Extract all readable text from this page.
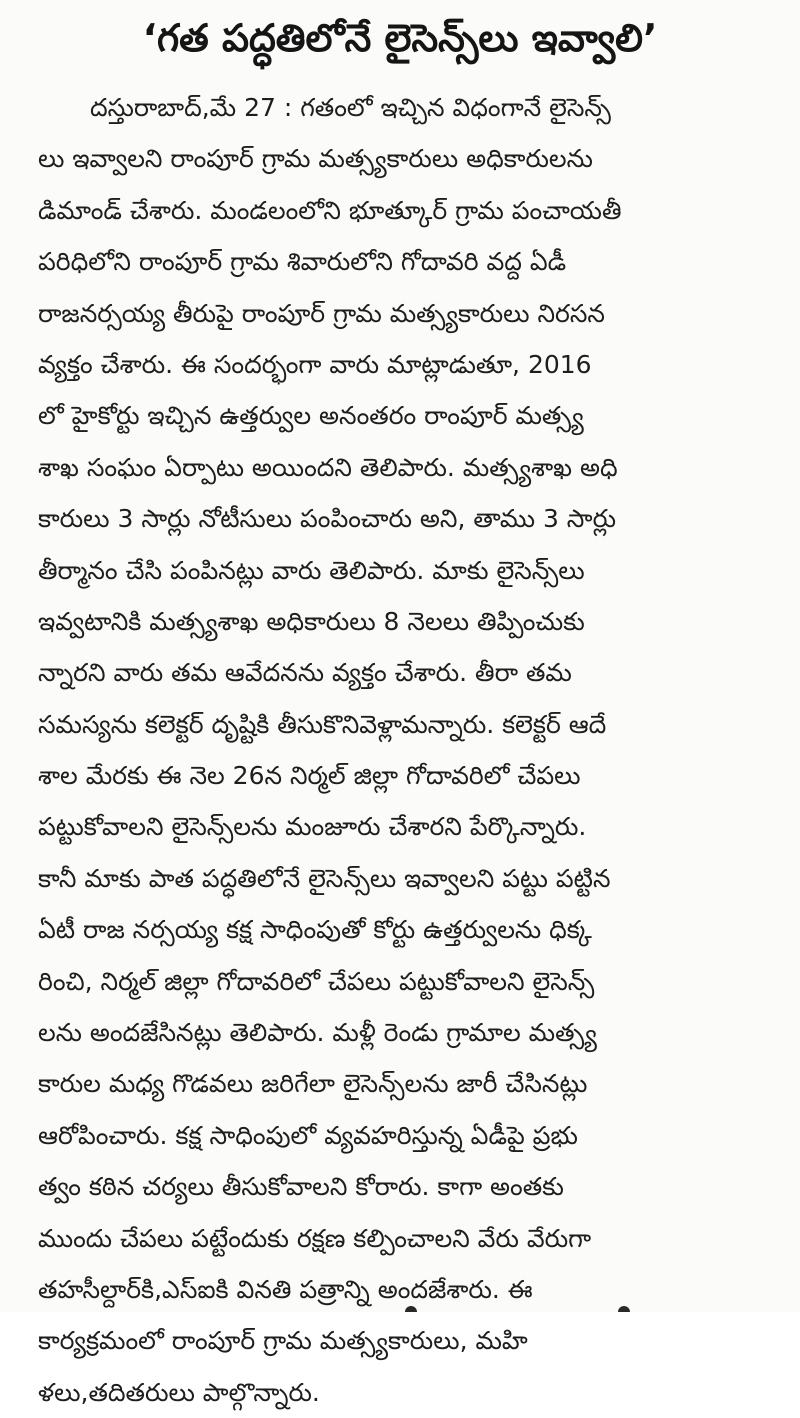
‘గత పద్ధతిలోనే లైసెన్స్‌లు ఇవ్వాలి’
దస్తురాబాద్,మే 27 : గతంలో ఇచ్చిన విధంగానే లైసెన్స్
లు ఇవ్వాలని రాంపూర్ గ్రామ మత్స్యకారులు అధికారులను
డిమాండ్ చేశారు. మండలంలోని భూత్కూర్ గ్రామ పంచాయతీ
పరిధిలోని రాంపూర్ గ్రామ శివారులోని గోదావరి వద్ద ఏడీ
రాజనర్సయ్య తీరుపై రాంపూర్ గ్రామ మత్స్యకారులు నిరసన
వ్యక్తం చేశారు. ఈ సందర్భంగా వారు మాట్లాడుతూ, 2016
లో హైకోర్టు ఇచ్చిన ఉత్తర్వుల అనంతరం రాంపూర్ మత్స్య
శాఖ సంఘం ఏర్పాటు అయిందని తెలిపారు. మత్స్యశాఖ అధి
కారులు 3 సార్లు నోటీసులు పంపించారు అని, తాము 3 సార్లు
తీర్మానం చేసి పంపినట్లు వారు తెలిపారు. మాకు లైసెన్స్‌లు
ఇవ్వటానికి మత్స్యశాఖ అధికారులు 8 నెలలు తిప్పించుకు
న్నారని వారు తమ ఆవేదనను వ్యక్తం చేశారు. తీరా తమ
సమస్యను కలెక్టర్ దృష్టికి తీసుకొనివెళ్లామన్నారు. కలెక్టర్ ఆదే
శాల మేరకు ఈ నెల 26న నిర్మల్ జిల్లా గోదావరిలో చేపలు
పట్టుకోవాలని లైసెన్స్‌లను మంజూరు చేశారని పేర్కొన్నారు.
కానీ మాకు పాత పద్ధతిలోనే లైసెన్స్‌లు ఇవ్వాలని పట్టు పట్టిన
ఏటీ రాజ నర్సయ్య కక్ష సాధింపుతో కోర్టు ఉత్తర్వులను ధిక్క
రించి, నిర్మల్ జిల్లా గోదావరిలో చేపలు పట్టుకోవాలని లైసెన్స్
లను అందజేసినట్లు తెలిపారు. మళ్లీ రెండు గ్రామాల మత్స్య
కారుల మధ్య గొడవలు జరిగేలా లైసెన్స్‌లను జారీ చేసినట్లు
ఆరోపించారు. కక్ష సాధింపులో వ్యవహరిస్తున్న ఏడీపై ప్రభు
త్వం కఠిన చర్యలు తీసుకోవాలని కోరారు. కాగా అంతకు
ముందు చేపలు పట్టేందుకు రక్షణ కల్పించాలని వేరు వేరుగా
తహసీల్దార్‌కి,ఎస్ఐకి వినతి పత్రాన్ని అందజేశారు. ఈ
కార్యక్రమంలో రాంపూర్ గ్రామ మత్స్యకారులు, మహి
ళలు,తదితరులు పాల్గొన్నారు.
